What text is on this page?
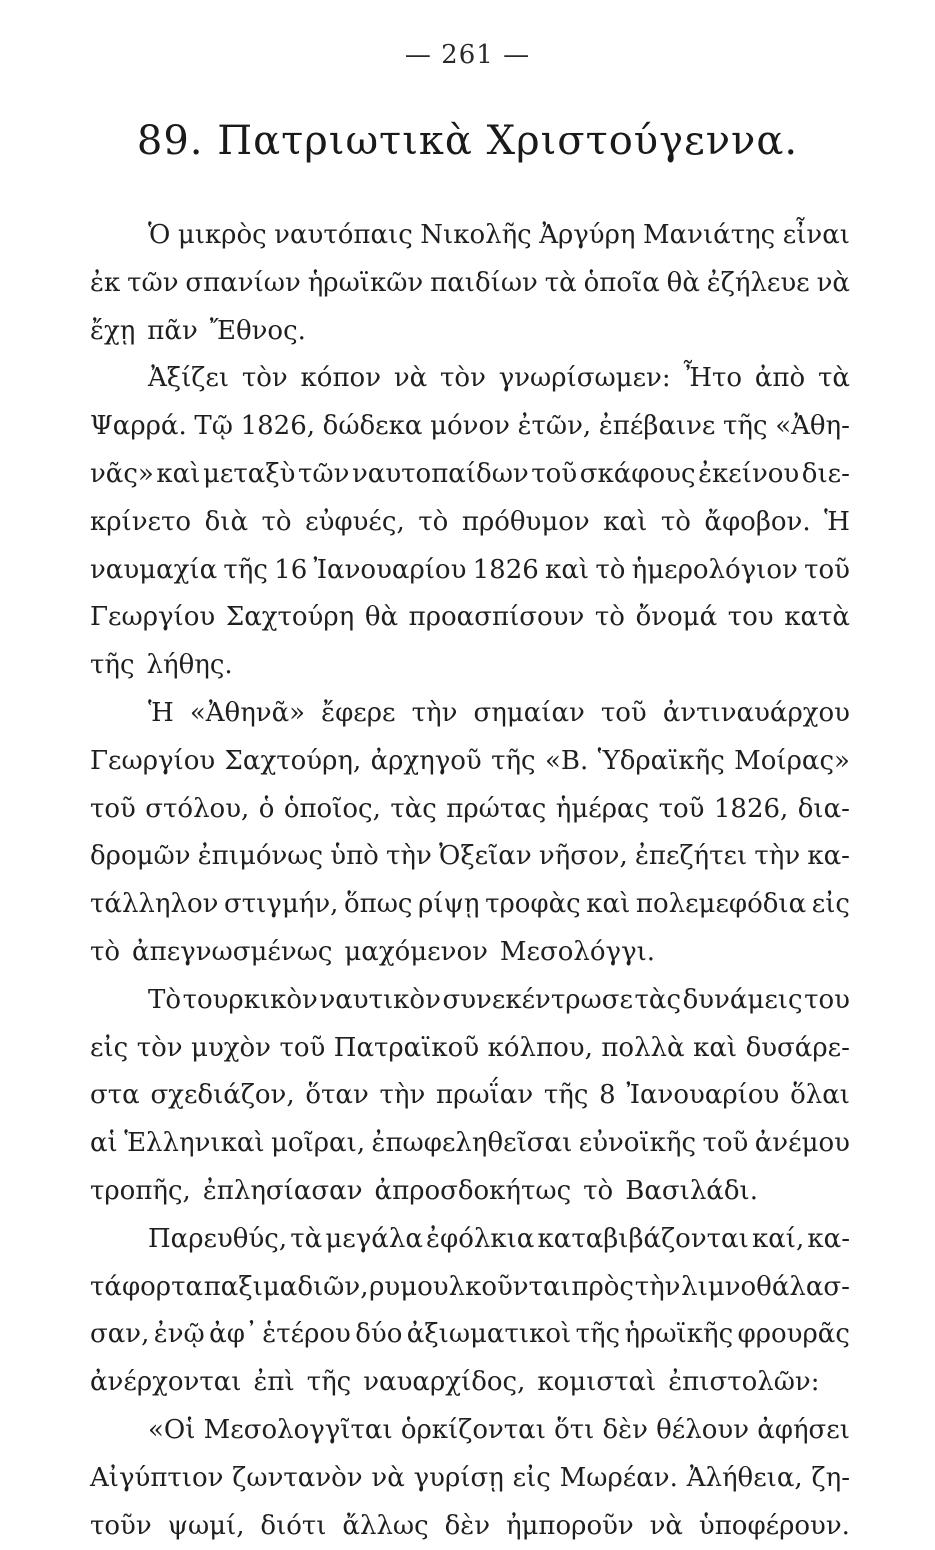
— 261 —
89. Πατριωτικὰ Χριστούγεννα.
Ὁ μικρὸς ναυτόπαις Νικολῆς Ἀργύρη Μανιάτης εἶναι
ἐκ τῶν σπανίων ἡρωϊκῶν παιδίων τὰ ὁποῖα θὰ ἐζήλευε νὰ
ἔχῃ πᾶν Ἔθνος.
Ἀξίζει τὸν κόπον νὰ τὸν γνωρίσωμεν: Ἦτο ἀπὸ τὰ
Ψαρρά. Τῷ 1826, δώδεκα μόνον ἐτῶν, ἐπέβαινε τῆς «Ἀθη-
νᾶς» καὶ μεταξὺ τῶν ναυτοπαίδων τοῦ σκάφους ἐκείνου διε-
κρίνετο διὰ τὸ εὐφυές, τὸ πρόθυμον καὶ τὸ ἄφοβον. Ἡ
ναυμαχία τῆς 16 Ἰανουαρίου 1826 καὶ τὸ ἡμερολόγιον τοῦ
Γεωργίου Σαχτούρη θὰ προασπίσουν τὸ ὄνομά του κατὰ
τῆς λήθης.
Ἡ «Ἀθηνᾶ» ἔφερε τὴν σημαίαν τοῦ ἀντιναυάρχου
Γεωργίου Σαχτούρη, ἀρχηγοῦ τῆς «Β. Ὑδραϊκῆς Μοίρας»
τοῦ στόλου, ὁ ὁποῖος, τὰς πρώτας ἡμέρας τοῦ 1826, δια-
δρομῶν ἐπιμόνως ὑπὸ τὴν Ὀξεῖαν νῆσον, ἐπεζήτει τὴν κα-
τάλληλον στιγμήν, ὅπως ρίψῃ τροφὰς καὶ πολεμεφόδια εἰς
τὸ ἀπεγνωσμένως μαχόμενον Μεσολόγγι.
Τὸ τουρκικὸν ναυτικὸν συνεκέντρωσε τὰς δυνάμεις του
εἰς τὸν μυχὸν τοῦ Πατραϊκοῦ κόλπου, πολλὰ καὶ δυσάρε-
στα σχεδιάζον, ὅταν τὴν πρωΐαν τῆς 8 Ἰανουαρίου ὅλαι
αἱ Ἑλληνικαὶ μοῖραι, ἐπωφεληθεῖσαι εὐνοϊκῆς τοῦ ἀνέμου
τροπῆς, ἐπλησίασαν ἀπροσδοκήτως τὸ Βασιλάδι.
Παρευθύς, τὰ μεγάλα ἐφόλκια καταβιβάζονται καί, κα-
τάφορτα παξιμαδιῶν, ρυμουλκοῦνται πρὸς τὴν λιμνοθάλασ-
σαν, ἐνῷ ἀφ᾽ ἑτέρου δύο ἀξιωματικοὶ τῆς ἡρωϊκῆς φρουρᾶς
ἀνέρχονται ἐπὶ τῆς ναυαρχίδος, κομισταὶ ἐπιστολῶν:
«Οἱ Μεσολογγῖται ὁρκίζονται ὅτι δὲν θέλουν ἀφήσει
Αἰγύπτιον ζωντανὸν νὰ γυρίσῃ εἰς Μωρέαν. Ἀλήθεια, ζη-
τοῦν ψωμί, διότι ἄλλως δὲν ἠμποροῦν νὰ ὑποφέρουν.
